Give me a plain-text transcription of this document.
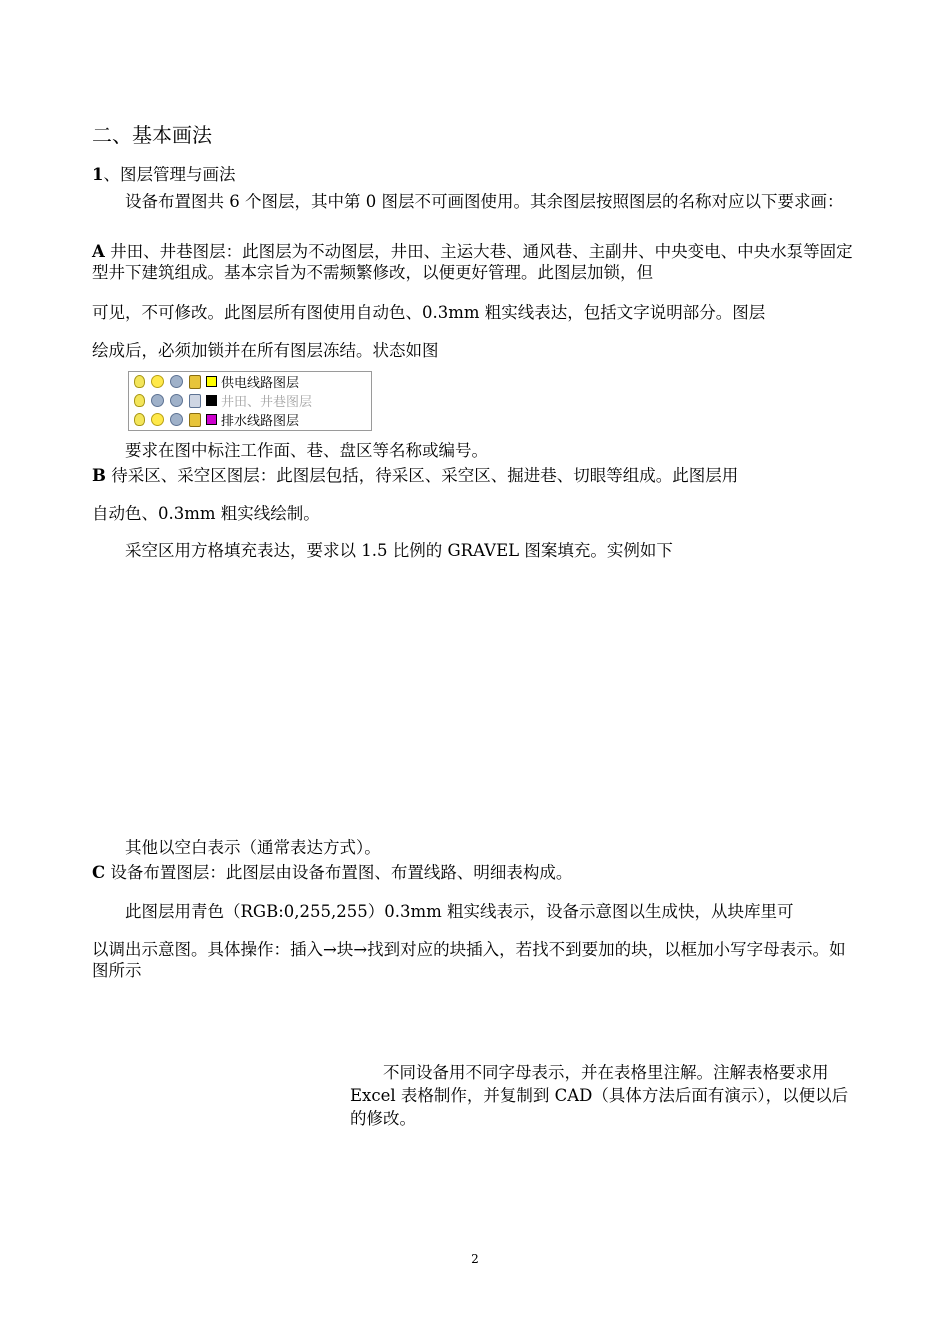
二、基本画法

1、图层管理与画法

设备布置图共 6 个图层，其中第 0 图层不可画图使用。其余图层按照图层的名称对应以下要求画：

A 井田、井巷图层：此图层为不动图层，井田、主运大巷、通风巷、主副井、中央变电、中央水泵等固定型井下建筑组成。基本宗旨为不需频繁修改，以便更好管理。此图层加锁，但

可见，不可修改。此图层所有图使用自动色、0.3mm 粗实线表达，包括文字说明部分。图层

绘成后，必须加锁并在所有图层冻结。状态如图

供电线路图层
井田、井巷图层
排水线路图层

要求在图中标注工作面、巷、盘区等名称或编号。

B 待采区、采空区图层：此图层包括，待采区、采空区、掘进巷、切眼等组成。此图层用

自动色、0.3mm 粗实线绘制。

采空区用方格填充表达，要求以 1.5 比例的 GRAVEL 图案填充。实例如下

其他以空白表示（通常表达方式）。

C 设备布置图层：此图层由设备布置图、布置线路、明细表构成。

此图层用青色（RGB:0,255,255）0.3mm 粗实线表示，设备示意图以生成快，从块库里可

以调出示意图。具体操作：插入→块→找到对应的块插入，若找不到要加的块，以框加小写字母表示。如图所示

不同设备用不同字母表示，并在表格里注解。注解表格要求用 Excel 表格制作，并复制到 CAD（具体方法后面有演示），以便以后的修改。

2
